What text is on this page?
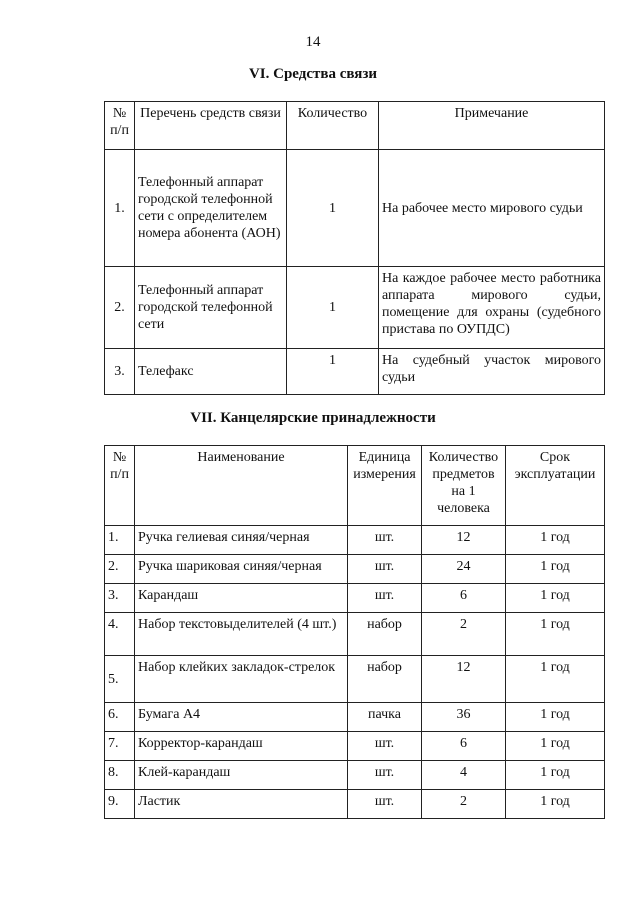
14
VI. Средства связи
№ п/п	Перечень средств связи	Количество	Примечание
1.	Телефонный аппарат городской телефонной сети с определителем номера абонента (АОН)	1	На рабочее место мирового судьи
2.	Телефонный аппарат городской телефонной сети	1	На каждое рабочее место работника аппарата мирового судьи, помещение для охраны (судебного пристава по ОУПДС)
3.	Телефакс	1	На судебный участок мирового судьи
VII. Канцелярские принадлежности
№ п/п	Наименование	Единица измерения	Количество предметов на 1 человека	Срок эксплуатации
1.	Ручка гелиевая синяя/черная	шт.	12	1 год
2.	Ручка шариковая синяя/черная	шт.	24	1 год
3.	Карандаш	шт.	6	1 год
4.	Набор текстовыделителей (4 шт.)	набор	2	1 год
5.	Набор клейких закладок-стрелок	набор	12	1 год
6.	Бумага А4	пачка	36	1 год
7.	Корректор-карандаш	шт.	6	1 год
8.	Клей-карандаш	шт.	4	1 год
9.	Ластик	шт.	2	1 год
